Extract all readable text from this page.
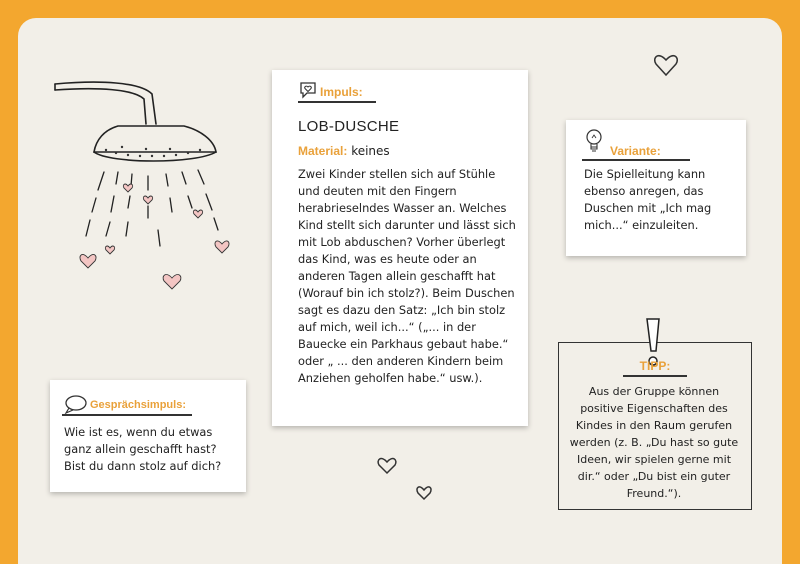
Impuls:
LOB-DUSCHE
Material: keines
Zwei Kinder stellen sich auf Stühle und deuten mit den Fingern herabrieselndes Wasser an. Welches Kind stellt sich darunter und lässt sich mit Lob abduschen? Vorher überlegt das Kind, was es heute oder an anderen Tagen allein geschafft hat (Worauf bin ich stolz?). Beim Duschen sagt es dazu den Satz: „Ich bin stolz auf mich, weil ich...“ („... in der Bauecke ein Parkhaus gebaut habe.“ oder „ ... den anderen Kindern beim Anziehen geholfen habe.“ usw.).
Variante:
Die Spielleitung kann ebenso anregen, das Duschen mit „Ich mag mich...“ einzuleiten.
TIPP:
Aus der Gruppe können positive Eigenschaften des Kindes in den Raum gerufen werden (z. B. „Du hast so gute Ideen, wir spielen gerne mit dir.“ oder „Du bist ein guter Freund.“).
Gesprächsimpuls:
Wie ist es, wenn du etwas ganz allein geschafft hast? Bist du dann stolz auf dich?
